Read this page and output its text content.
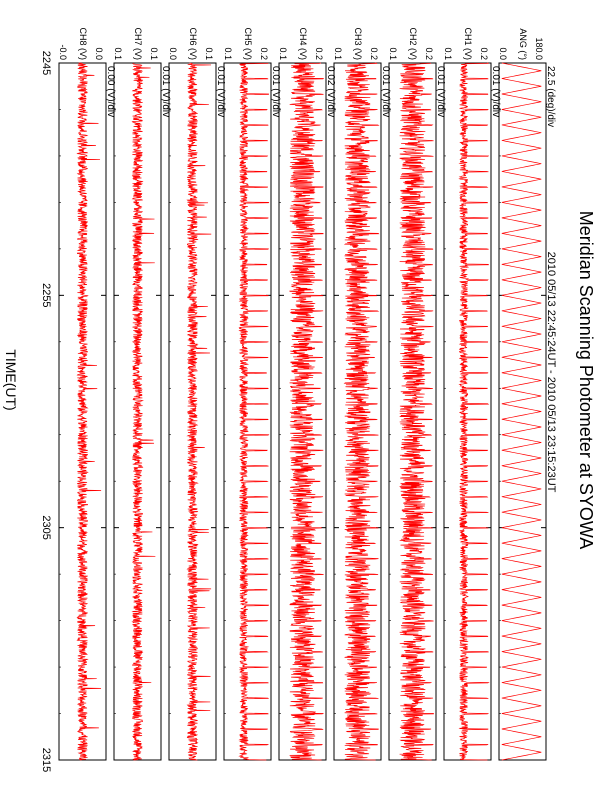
Meridian Scanning Photometer at SYOWA
2010 05/13 22:45:24UT - 2010 05/13 23:15:23UT
180.0
0.0 ANG (°)
22.5 (deg)/div
0.2
0.1 CH1 (V)
0.01 (V)/div
0.2
0.1 CH2 (V)
0.01 (V)/div
0.2
0.1 CH3 (V)
0.01 (V)/div
0.2
0.1 CH4 (V)
0.02 (V)/div
0.2
0.1 CH5 (V)
0.01 (V)/div
0.1
0.0 CH6 (V)
0.01 (V)/div
0.1
0.1 CH7 (V)
0.01 (V)/div
0.0
-0.0 CH8 (V)
0.00 (V)/div
2245
2255
2305
2315
TIME(UT)
